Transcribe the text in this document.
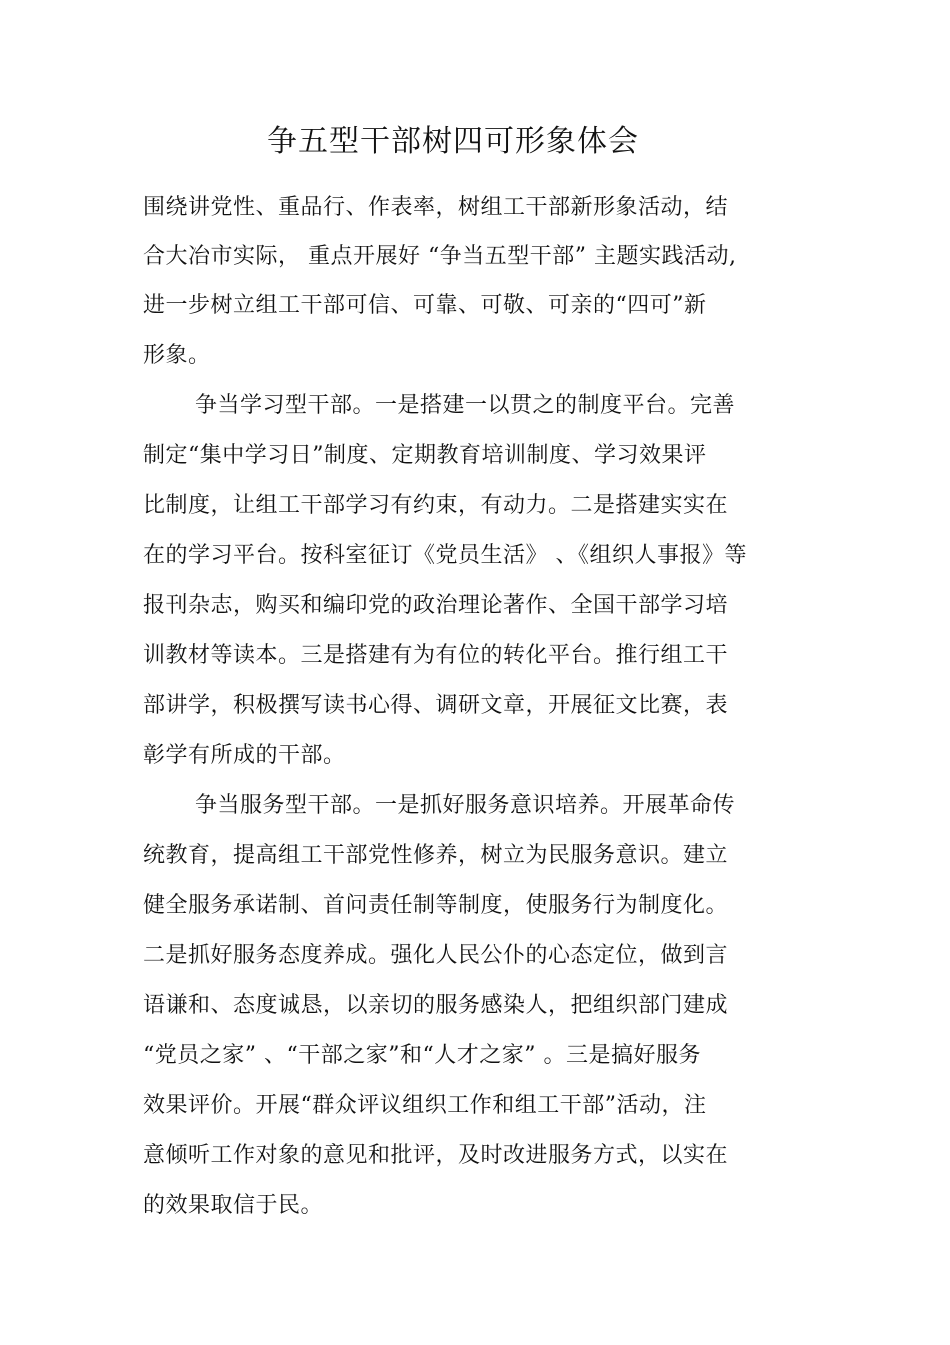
争五型干部树四可形象体会
围绕讲党性、重品行、作表率，树组工干部新形象活动，结
合大冶市实际， 重点开展好 “争当五型干部” 主题实践活动,
进一步树立组工干部可信、可靠、可敬、可亲的“四可”新
形象。
争当学习型干部。一是搭建一以贯之的制度平台。完善
制定“集中学习日”制度、定期教育培训制度、学习效果评
比制度，让组工干部学习有约束，有动力。二是搭建实实在
在的学习平台。按科室征订《党员生活》 、《组织人事报》等
报刊杂志，购买和编印党的政治理论著作、全国干部学习培
训教材等读本。三是搭建有为有位的转化平台。推行组工干
部讲学，积极撰写读书心得、调研文章，开展征文比赛，表
彰学有所成的干部。
争当服务型干部。一是抓好服务意识培养。开展革命传
统教育，提高组工干部党性修养，树立为民服务意识。建立
健全服务承诺制、首问责任制等制度，使服务行为制度化。
二是抓好服务态度养成。强化人民公仆的心态定位，做到言
语谦和、态度诚恳，以亲切的服务感染人，把组织部门建成
“党员之家” 、“干部之家”和“人才之家” 。三是搞好服务
效果评价。开展“群众评议组织工作和组工干部”活动，注
意倾听工作对象的意见和批评，及时改进服务方式，以实在
的效果取信于民。
